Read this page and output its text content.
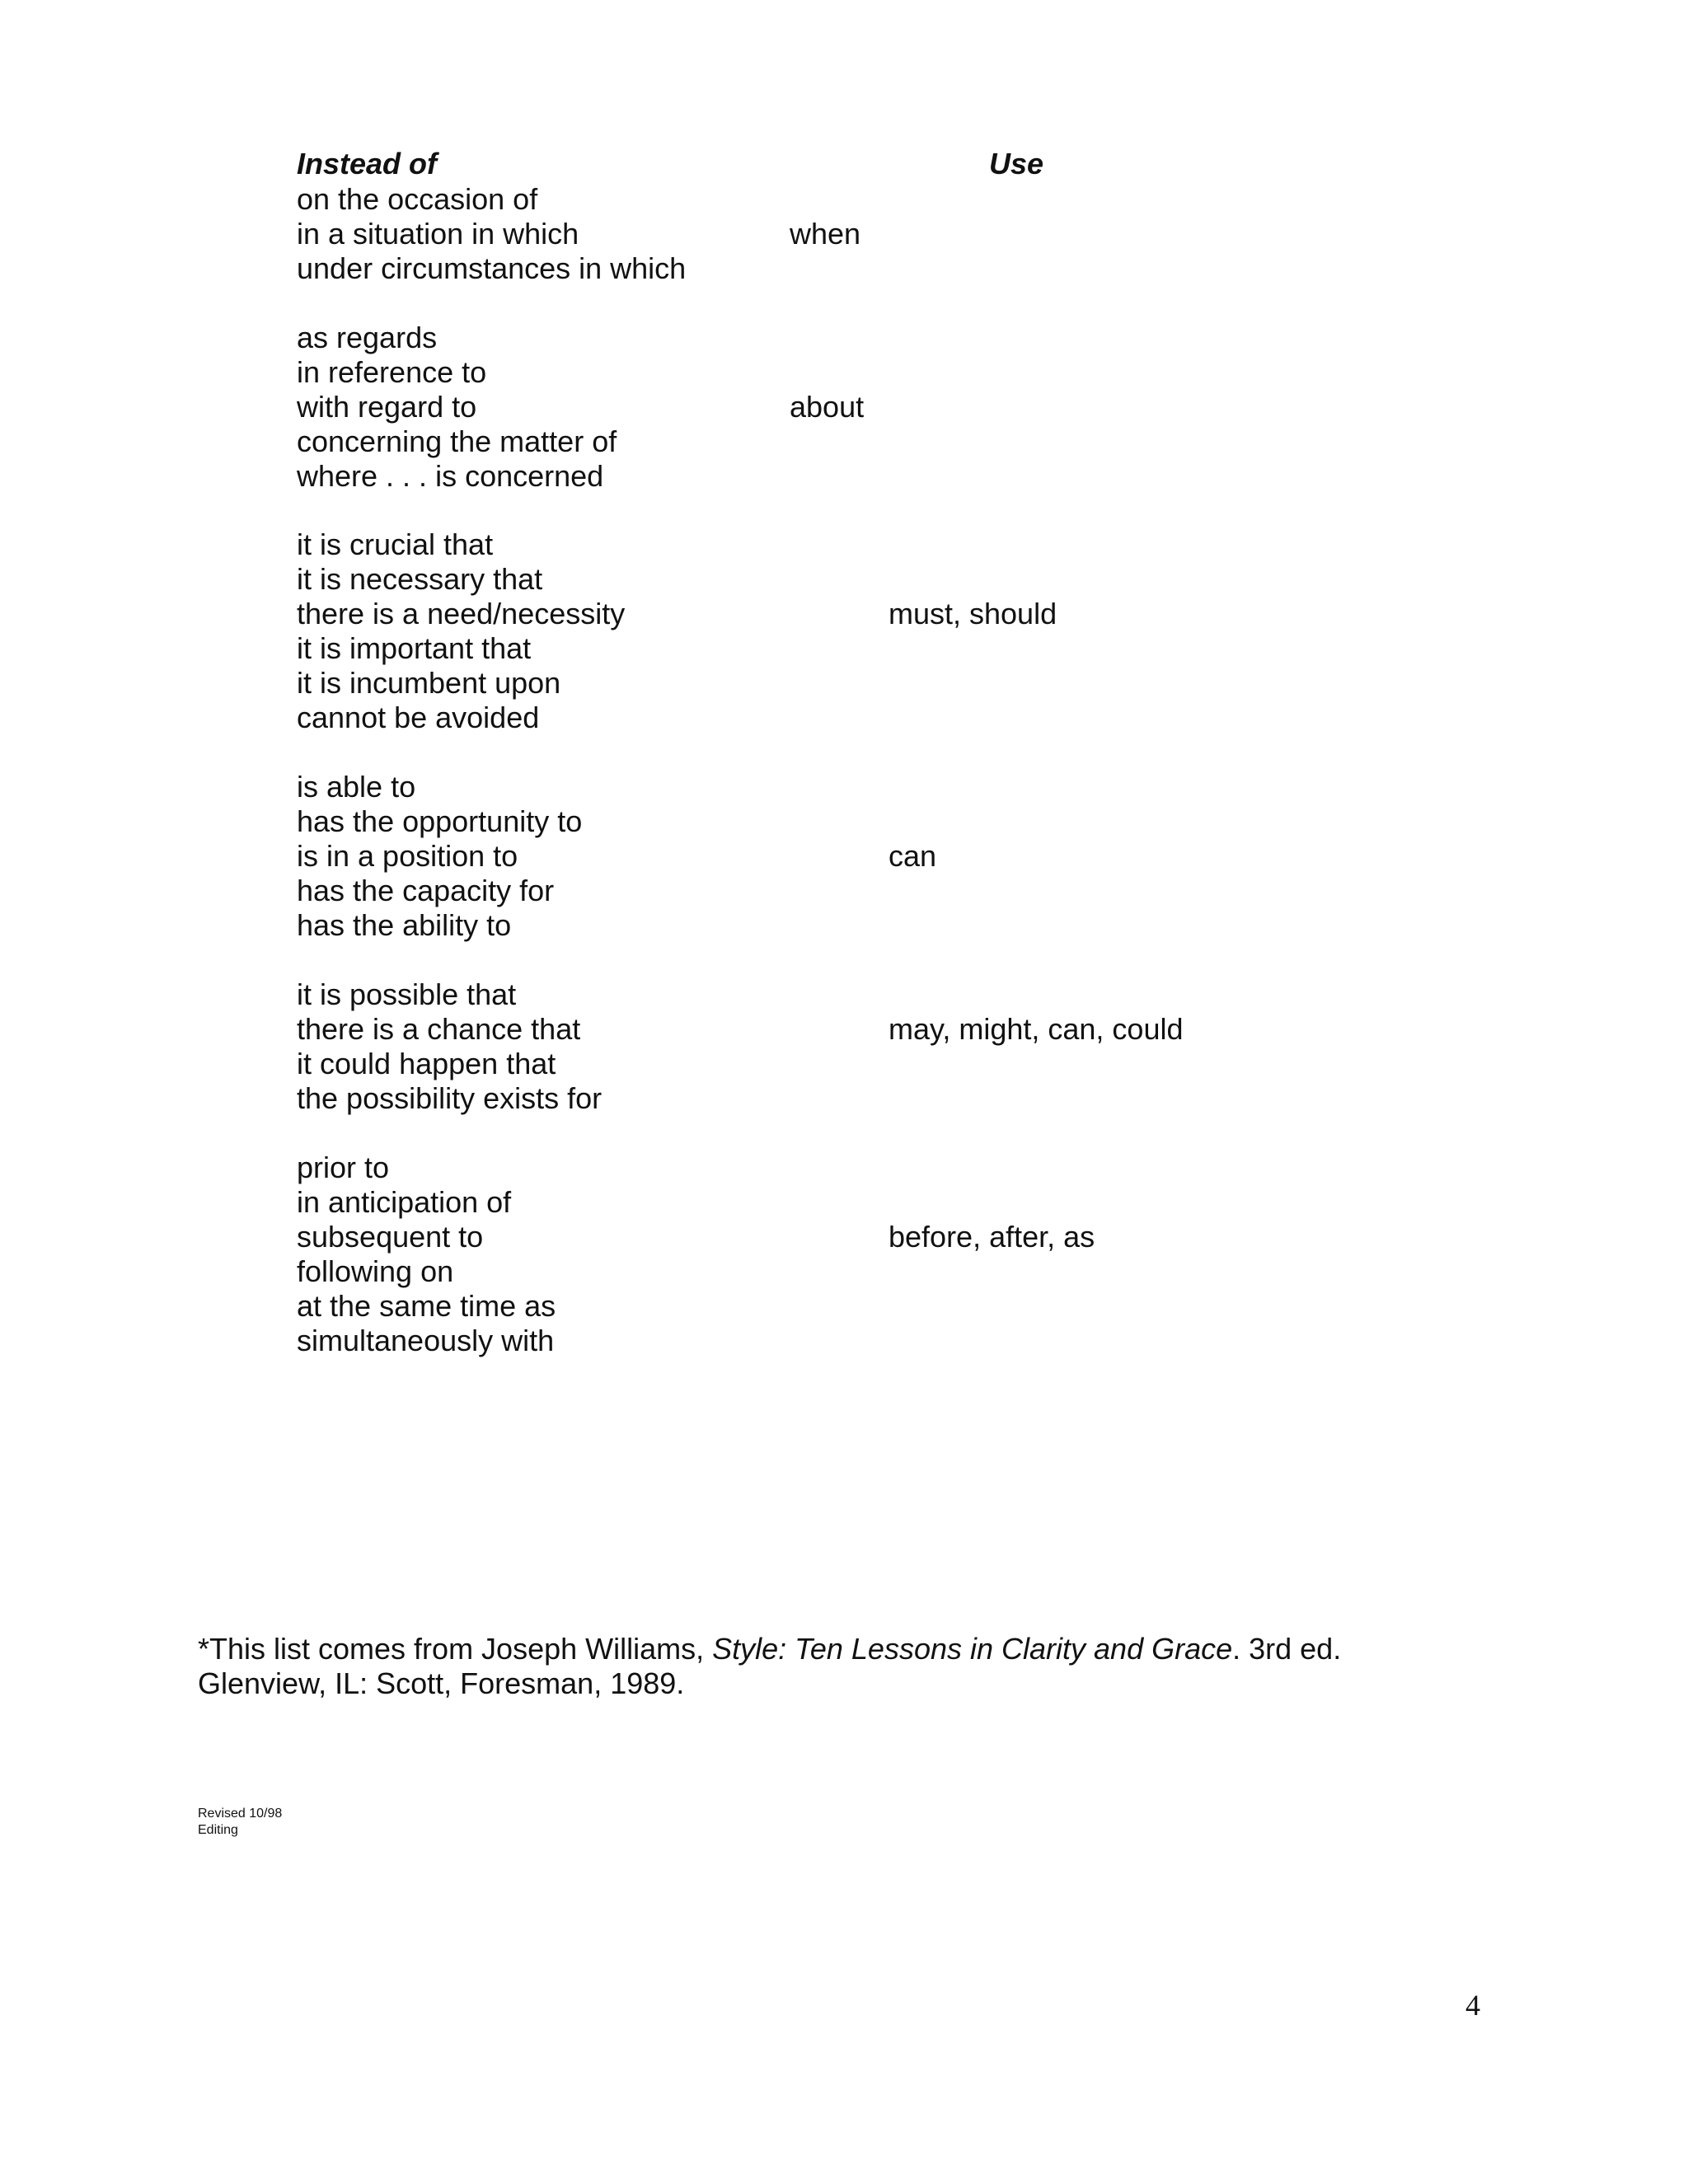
Instead of	Use
on the occasion of
in a situation in which
under circumstances in which
when
as regards
in reference to
with regard to
concerning the matter of
where . . . is concerned
about
it is crucial that
it is necessary that
there is a need/necessity
it is important that
it is incumbent upon
cannot be avoided
must, should
is able to
has the opportunity to
is in a position to
has the capacity for
has the ability to
can
it is possible that
there is a chance that
it could happen that
the possibility exists for
may, might, can, could
prior to
in anticipation of
subsequent to
following on
at the same time as
simultaneously with
before, after, as
*This list comes from Joseph Williams, Style: Ten Lessons in Clarity and Grace. 3rd ed.
Glenview, IL: Scott, Foresman, 1989.
Revised 10/98
Editing
4
